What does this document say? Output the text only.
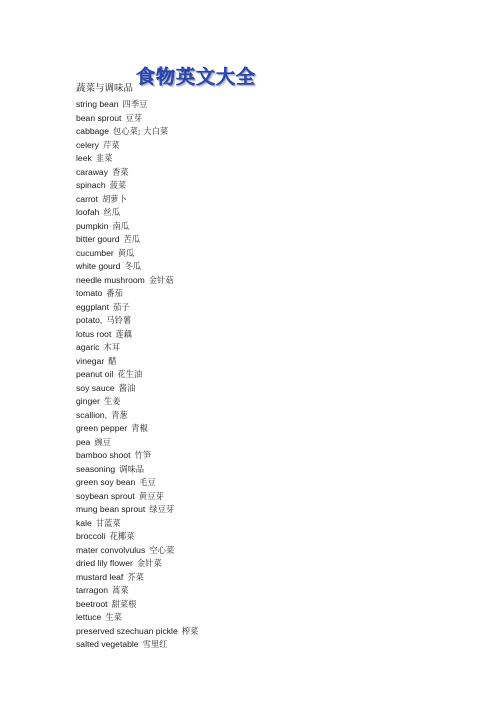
蔬菜与调味品
食物英文大全
string bean 四季豆
bean sprout 豆芽
cabbage 包心菜; 大白菜
celery 芹菜
leek 韭菜
caraway 香菜
spinach 菠菜
carrot 胡萝卜
loofah 丝瓜
pumpkin 南瓜
bitter gourd 苦瓜
cucumber 黄瓜
white gourd 冬瓜
needle mushroom 金针菇
tomato 番茄
eggplant 茄子
potato, 马铃薯
lotus root 莲藕
agaric 木耳
vinegar 醋
peanut oil 花生油
soy sauce 酱油
ginger 生姜
scallion, 青葱
green pepper 青椒
pea 豌豆
bamboo shoot 竹笋
seasoning 调味品
green soy bean 毛豆
soybean sprout 黄豆芽
mung bean sprout 绿豆芽
kale 甘蓝菜
broccoli 花椰菜
mater convolvulus 空心菜
dried lily flower 金针菜
mustard leaf 芥菜
tarragon 蒿菜
beetroot 甜菜根
lettuce 生菜
preserved szechuan pickle 榨菜
salted vegetable 雪里红
